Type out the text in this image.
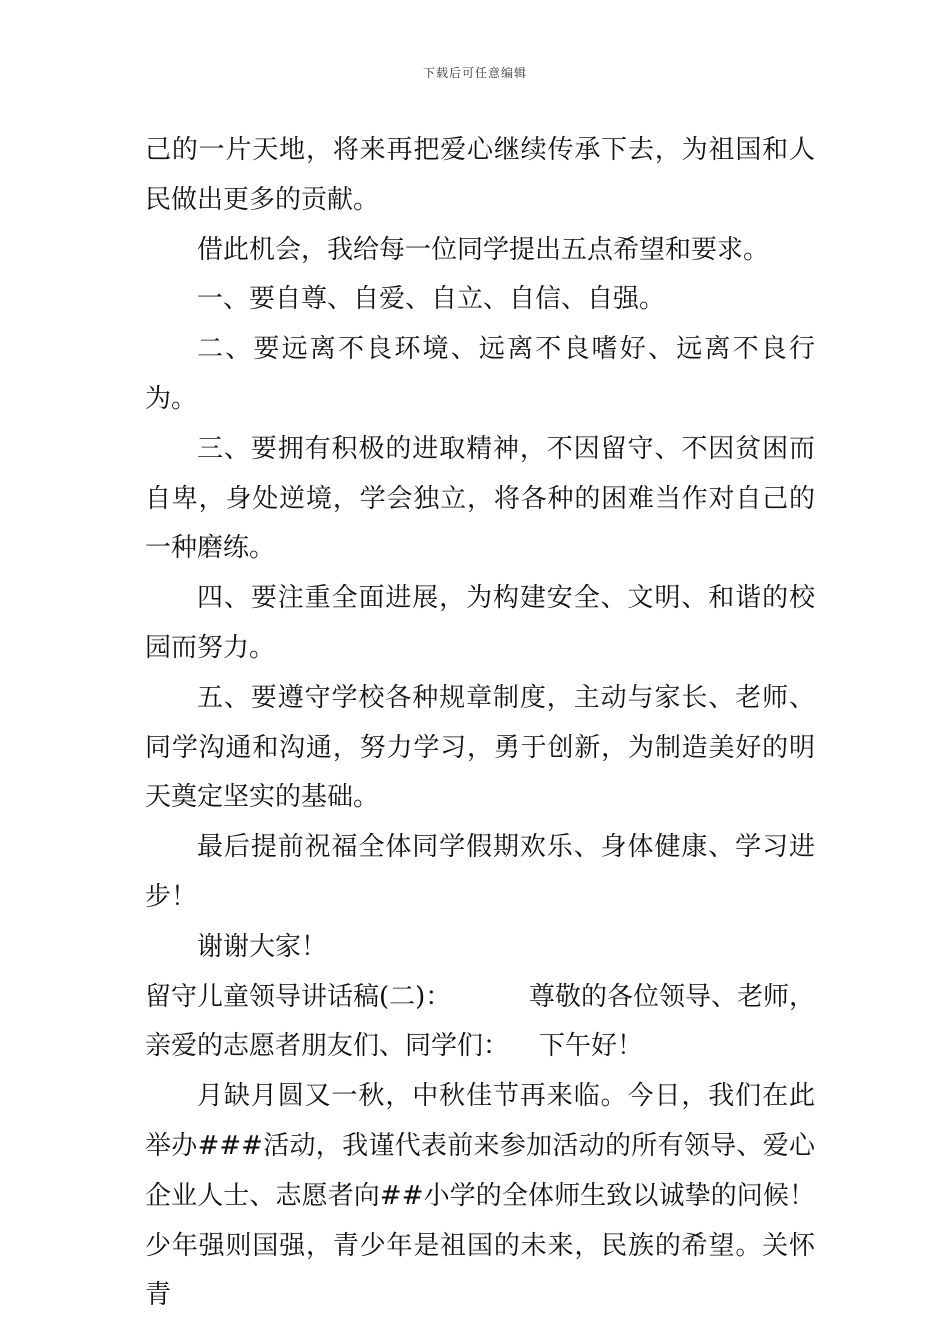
下载后可任意编辑

己的一片天地，将来再把爱心继续传承下去，为祖国和人民做出更多的贡献。

借此机会，我给每一位同学提出五点希望和要求。

一、要自尊、自爱、自立、自信、自强。

二、要远离不良环境、远离不良嗜好、远离不良行为。

三、要拥有积极的进取精神，不因留守、不因贫困而自卑，身处逆境，学会独立，将各种的困难当作对自己的一种磨练。

四、要注重全面进展，为构建安全、文明、和谐的校园而努力。

五、要遵守学校各种规章制度，主动与家长、老师、同学沟通和沟通，努力学习，勇于创新，为制造美好的明天奠定坚实的基础。

最后提前祝福全体同学假期欢乐、身体健康、学习进步！

谢谢大家！

留守儿童领导讲话稿(二)：	尊敬的各位领导、老师，

亲爱的志愿者朋友们、同学们： 下午好！

月缺月圆又一秋，中秋佳节再来临。今日，我们在此举办###活动，我谨代表前来参加活动的所有领导、爱心企业人士、志愿者向##小学的全体师生致以诚挚的问候！少年强则国强，青少年是祖国的未来，民族的希望。关怀青
